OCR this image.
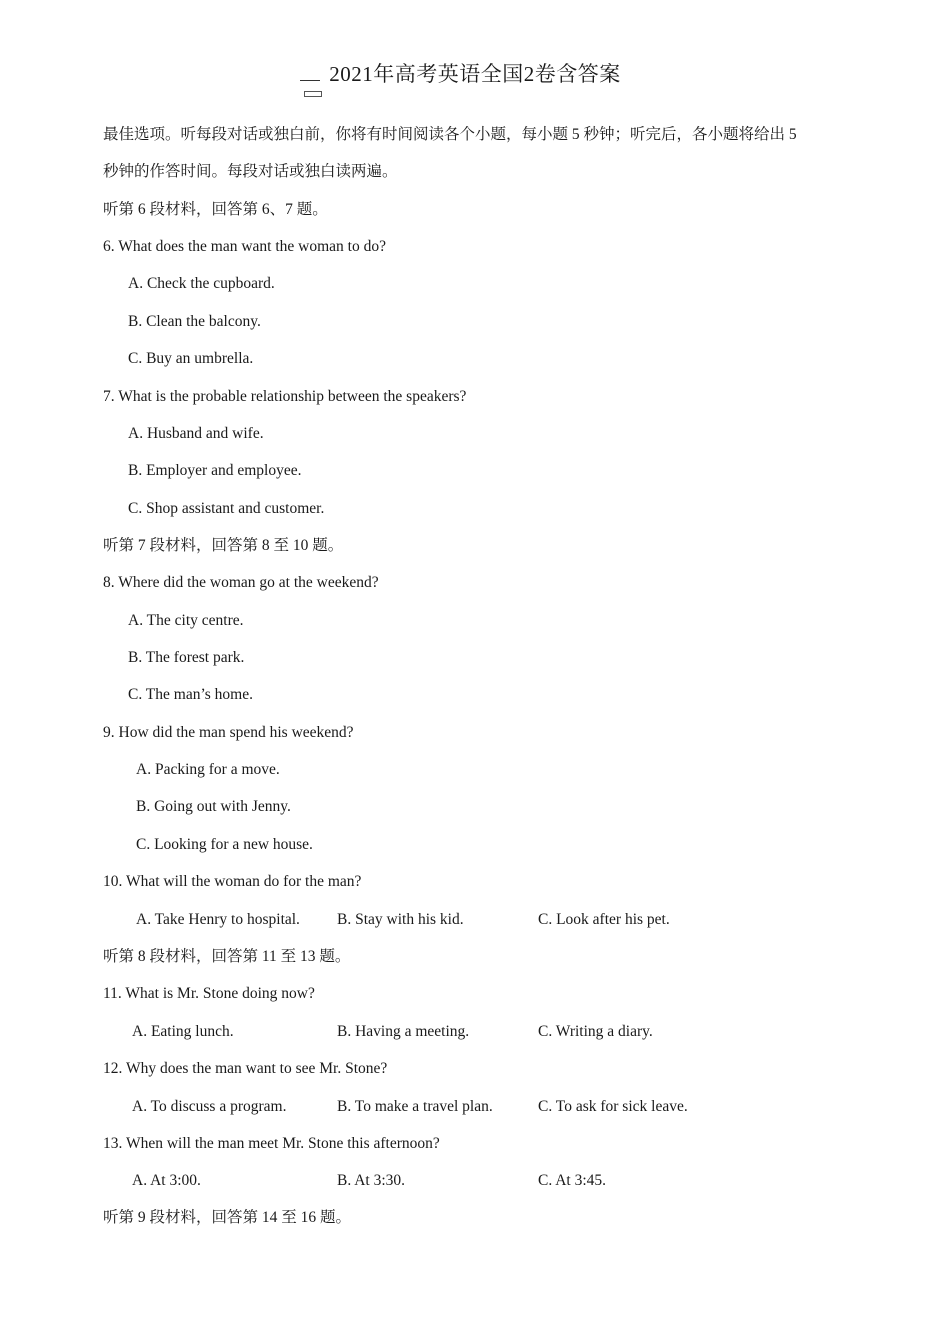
2021年高考英语全国2卷含答案
最佳选项。听每段对话或独白前，你将有时间阅读各个小题，每小题 5 秒钟；听完后，各小题将给出 5
秒钟的作答时间。每段对话或独白读两遍。
听第 6 段材料，回答第 6、7 题。
6. What does the man want the woman to do?
A. Check the cupboard.
B. Clean the balcony.
C. Buy an umbrella.
7. What is the probable relationship between the speakers?
A. Husband and wife.
B. Employer and employee.
C. Shop assistant and customer.
听第 7 段材料，回答第 8 至 10 题。
8. Where did the woman go at the weekend?
A. The city centre.
B. The forest park.
C. The man’s home.
9. How did the man spend his weekend?
A. Packing for a move.
B. Going out with Jenny.
C. Looking for a new house.
10. What will the woman do for the man?
A. Take Henry to hospital. B. Stay with his kid.	C. Look after his pet.
听第 8 段材料，回答第 11 至 13 题。
11. What is Mr. Stone doing now?
A. Eating lunch.	B. Having a meeting.	C. Writing a diary.
12. Why does the man want to see Mr. Stone?
A. To discuss a program.	B. To make a travel plan.	C. To ask for sick leave.
13. When will the man meet Mr. Stone this afternoon?
A. At 3:00.	B. At 3:30.	C. At 3:45.
听第 9 段材料，回答第 14 至 16 题。
